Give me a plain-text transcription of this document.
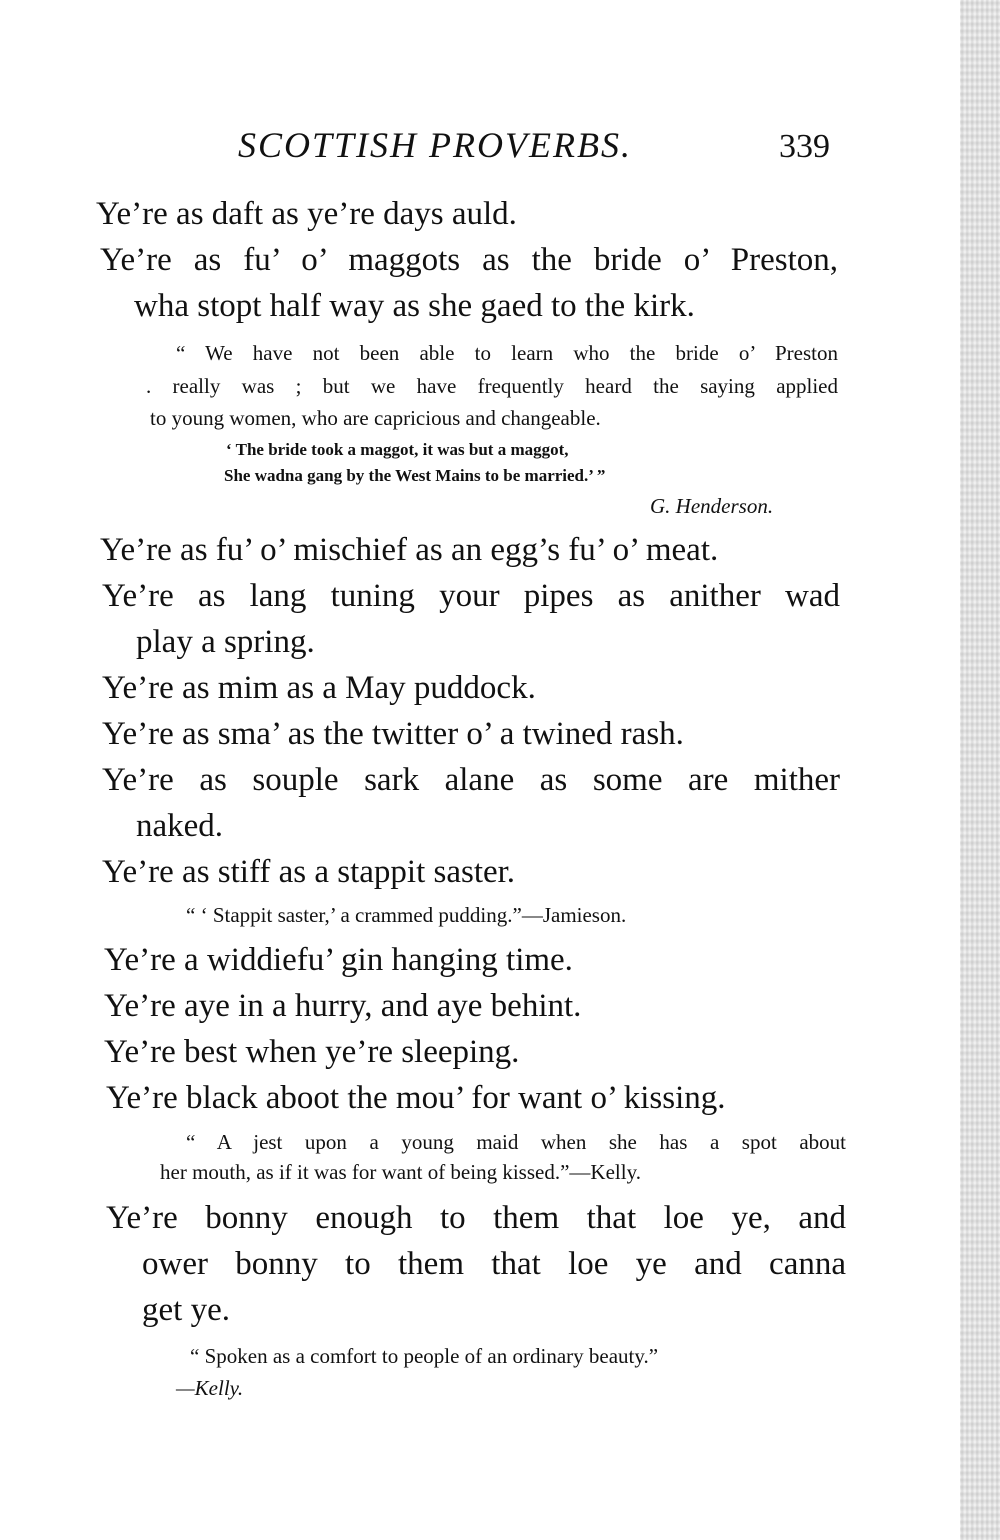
SCOTTISH PROVERBS.	339
Ye’re as daft as ye’re days auld.
Ye’re as fu’ o’ maggots as the bride o’ Preston,
wha stopt half way as she gaed to the kirk.
“ We have not been able to learn who the bride o’ Preston
. really was ; but we have frequently heard the saying applied
to young women, who are capricious and changeable.
‘ The bride took a maggot, it was but a maggot,
She wadna gang by the West Mains to be married.’ ”
G. Henderson.
Ye’re as fu’ o’ mischief as an egg’s fu’ o’ meat.
Ye’re as lang tuning your pipes as anither wad
play a spring.
Ye’re as mim as a May puddock.
Ye’re as sma’ as the twitter o’ a twined rash.
Ye’re as souple sark alane as some are mither
naked.
Ye’re as stiff as a stappit saster.
“ ‘ Stappit saster,’ a crammed pudding.”—Jamieson.
Ye’re a widdiefu’ gin hanging time.
Ye’re aye in a hurry, and aye behint.
Ye’re best when ye’re sleeping.
Ye’re black aboot the mou’ for want o’ kissing.
“ A jest upon a young maid when she has a spot about
her mouth, as if it was for want of being kissed.”—Kelly.
Ye’re bonny enough to them that loe ye, and
ower bonny to them that loe ye and canna
get ye.
“ Spoken as a comfort to people of an ordinary beauty.”
—Kelly.
